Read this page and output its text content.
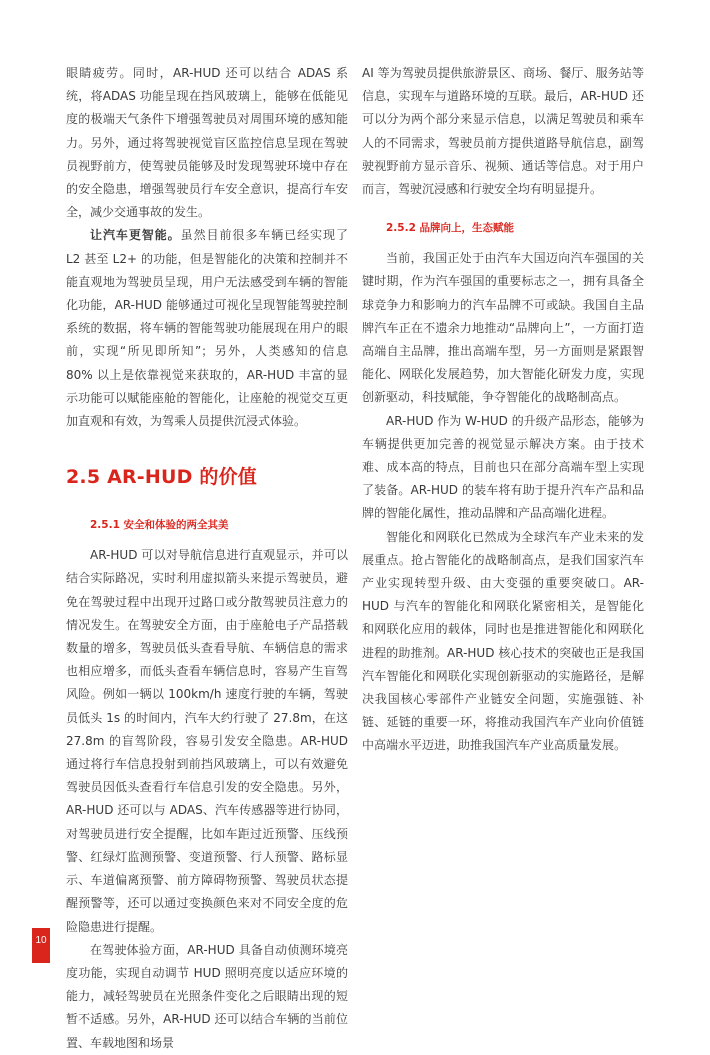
眼睛疲劳。同时，AR-HUD 还可以结合 ADAS 系统，将ADAS 功能呈现在挡风玻璃上，能够在低能见度的极端天气条件下增强驾驶员对周围环境的感知能力。另外，通过将驾驶视觉盲区监控信息呈现在驾驶员视野前方，使驾驶员能够及时发现驾驶环境中存在的安全隐患，增强驾驶员行车安全意识，提高行车安全，减少交通事故的发生。

让汽车更智能。虽然目前很多车辆已经实现了 L2 甚至 L2+ 的功能，但是智能化的决策和控制并不能直观地为驾驶员呈现，用户无法感受到车辆的智能化功能，AR-HUD 能够通过可视化呈现智能驾驶控制系统的数据，将车辆的智能驾驶功能展现在用户的眼前，实现“所见即所知”；另外，人类感知的信息 80% 以上是依靠视觉来获取的，AR-HUD 丰富的显示功能可以赋能座舱的智能化，让座舱的视觉交互更加直观和有效，为驾乘人员提供沉浸式体验。

2.5 AR-HUD 的价值
2.5.1 安全和体验的两全其美

AR-HUD 可以对导航信息进行直观显示，并可以结合实际路况，实时利用虚拟箭头来提示驾驶员，避免在驾驶过程中出现开过路口或分散驾驶员注意力的情况发生。在驾驶安全方面，由于座舱电子产品搭载数量的增多，驾驶员低头查看导航、车辆信息的需求也相应增多，而低头查看车辆信息时，容易产生盲驾风险。例如一辆以 100km/h 速度行驶的车辆，驾驶员低头 1s 的时间内，汽车大约行驶了 27.8m，在这 27.8m 的盲驾阶段，容易引发安全隐患。AR-HUD 通过将行车信息投射到前挡风玻璃上，可以有效避免驾驶员因低头查看行车信息引发的安全隐患。另外，AR-HUD 还可以与 ADAS、汽车传感器等进行协同，对驾驶员进行安全提醒，比如车距过近预警、压线预警、红绿灯监测预警、变道预警、行人预警、路标显示、车道偏离预警、前方障碍物预警、驾驶员状态提醒预警等，还可以通过变换颜色来对不同安全度的危险隐患进行提醒。

在驾驶体验方面，AR-HUD 具备自动侦测环境亮度功能，实现自动调节 HUD 照明亮度以适应环境的能力，减轻驾驶员在光照条件变化之后眼睛出现的短暂不适感。另外，AR-HUD 还可以结合车辆的当前位置、车载地图和场景

AI 等为驾驶员提供旅游景区、商场、餐厅、服务站等信息，实现车与道路环境的互联。最后，AR-HUD 还可以分为两个部分来显示信息，以满足驾驶员和乘车人的不同需求，驾驶员前方提供道路导航信息，副驾驶视野前方显示音乐、视频、通话等信息。对于用户而言，驾驶沉浸感和行驶安全均有明显提升。

2.5.2 品牌向上，生态赋能

当前，我国正处于由汽车大国迈向汽车强国的关键时期，作为汽车强国的重要标志之一，拥有具备全球竞争力和影响力的汽车品牌不可或缺。我国自主品牌汽车正在不遗余力地推动“品牌向上”，一方面打造高端自主品牌，推出高端车型，另一方面则是紧跟智能化、网联化发展趋势，加大智能化研发力度，实现创新驱动，科技赋能，争夺智能化的战略制高点。

AR-HUD 作为 W-HUD 的升级产品形态，能够为车辆提供更加完善的视觉显示解决方案。由于技术难、成本高的特点，目前也只在部分高端车型上实现了装备。AR-HUD 的装车将有助于提升汽车产品和品牌的智能化属性，推动品牌和产品高端化进程。

智能化和网联化已然成为全球汽车产业未来的发展重点。抢占智能化的战略制高点，是我们国家汽车产业实现转型升级、由大变强的重要突破口。AR-HUD 与汽车的智能化和网联化紧密相关，是智能化和网联化应用的载体，同时也是推进智能化和网联化进程的助推剂。AR-HUD 核心技术的突破也正是我国汽车智能化和网联化实现创新驱动的实施路径，是解决我国核心零部件产业链安全问题，实施强链、补链、延链的重要一环，将推动我国汽车产业向价值链中高端水平迈进，助推我国汽车产业高质量发展。

10
